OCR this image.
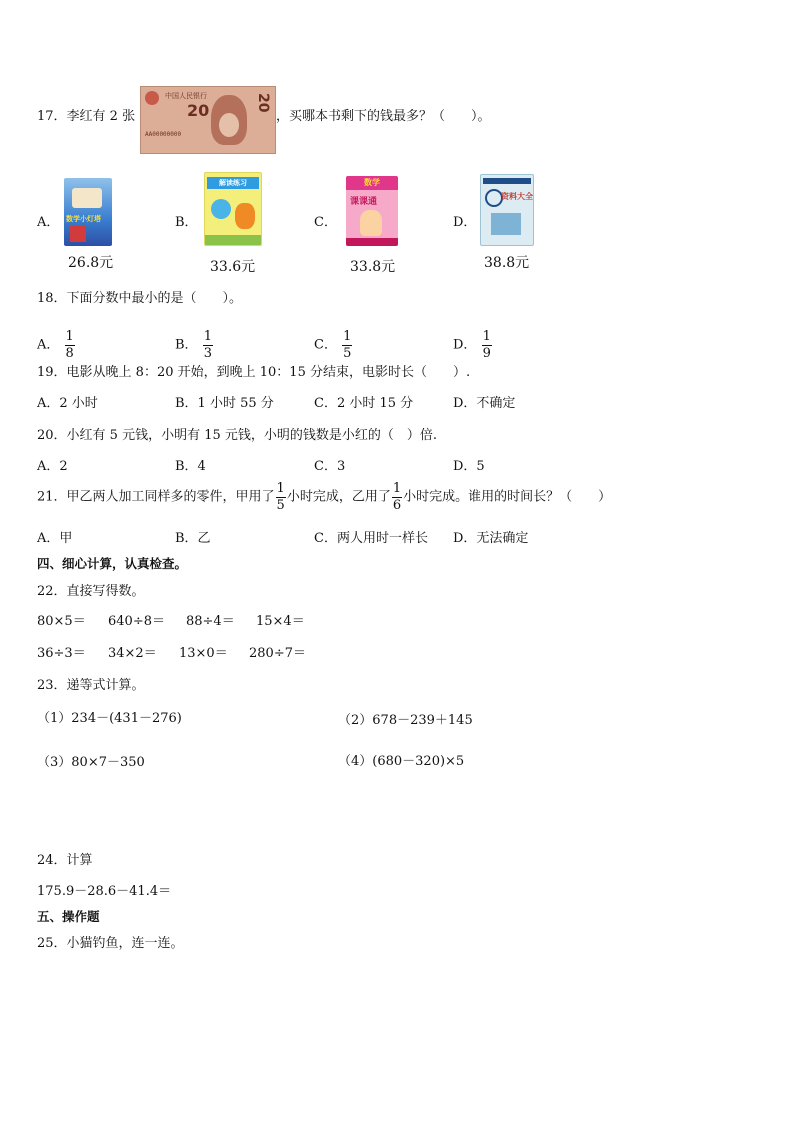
17．李红有 2 张
中国人民银行
20	20
AA00000000
，买哪本书剩下的钱最多？（　　）。
A． 数学小灯塔
26.8元
B．
解读练习
33.6元
C．
数学
课课通
33.8元
D．
资料大全
38.8元
18．下面分数中最小的是（　　）。
A． $\frac{1}{8}$	B． $\frac{1}{3}$	C． $\frac{1}{5}$	D． $\frac{1}{9}$
19．电影从晚上 8：20 开始，到晚上 10：15 分结束，电影时长（　　）.
A．2 小时	B．1 小时 55 分	C．2 小时 15 分	D．不确定
20．小红有 5 元钱，小明有 15 元钱，小明的钱数是小红的（　）倍.
A．2	B．4	C．3	D．5
21．甲乙两人加工同样多的零件，甲用了 $\frac{1}{5}$ 小时完成，乙用了 $\frac{1}{6}$ 小时完成。谁用的时间长？（　　）
A．甲	B．乙	C．两人用时一样长 D．无法确定
四、细心计算，认真检查。
22．直接写得数。
80×5＝ 640÷8＝ 88÷4＝ 15×4＝
36÷3＝ 34×2＝ 13×0＝ 280÷7＝
23．递等式计算。
（1）234－(431－276)	（2）678－239＋145
（3）80×7－350	（4）(680－320)×5
24．计算
175.9－28.6－41.4＝
五、操作题
25．小猫钓鱼，连一连。
